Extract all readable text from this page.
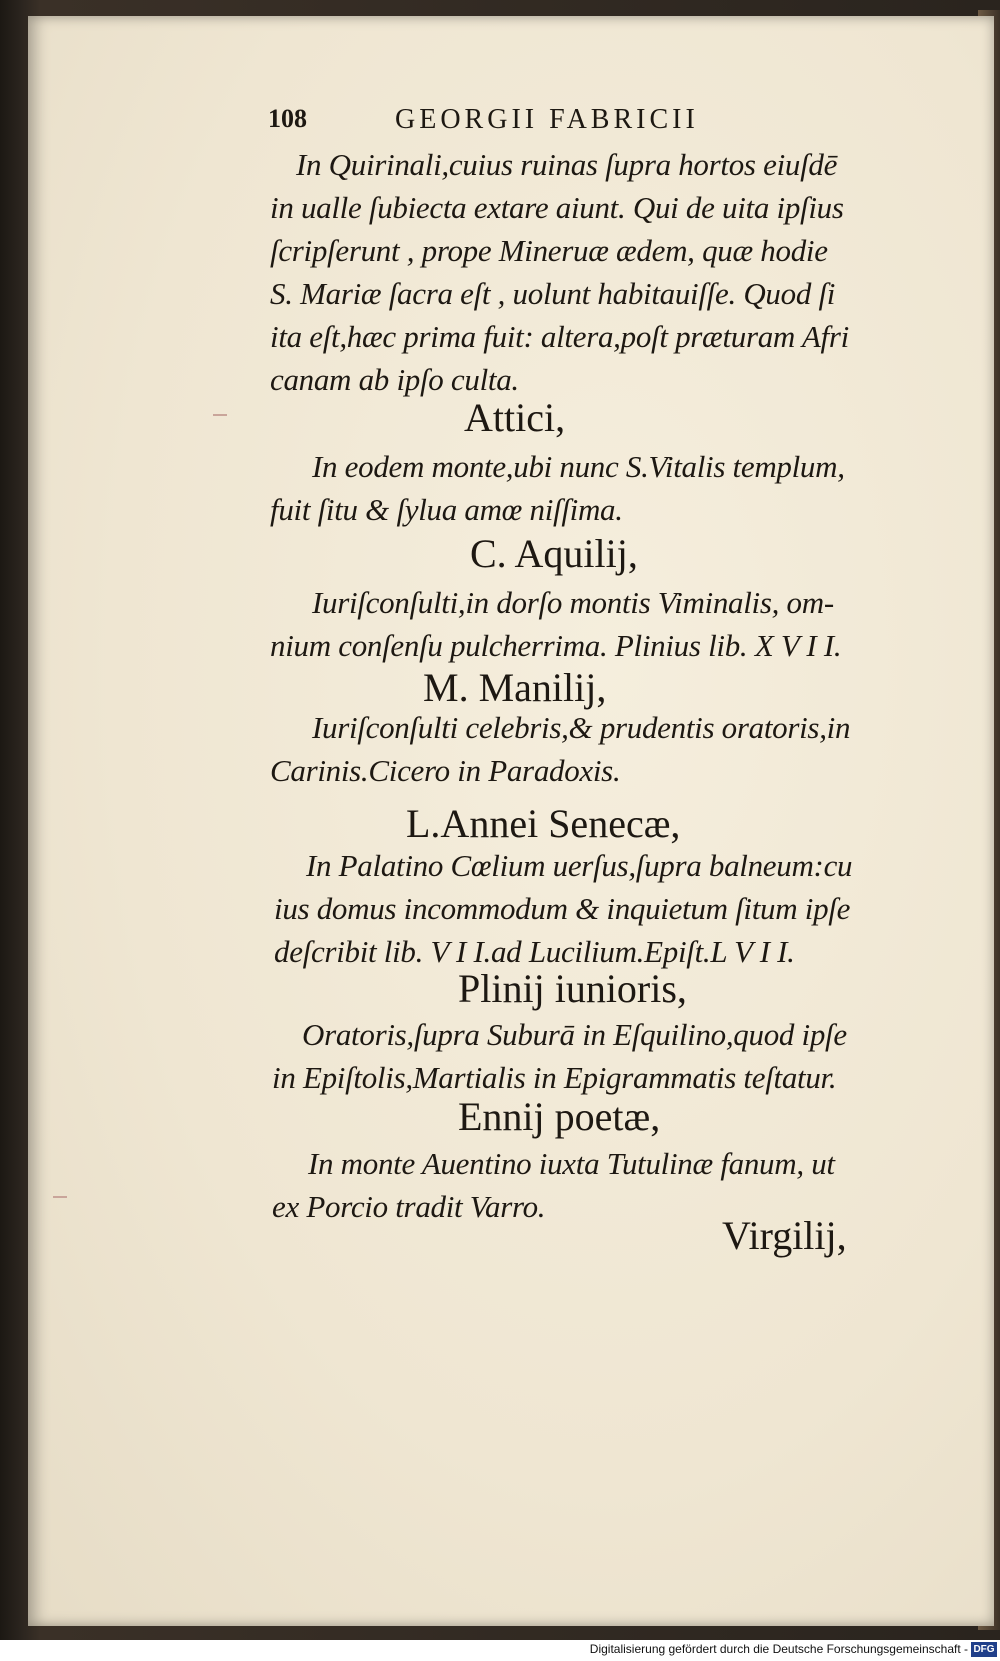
108	GEORGII FABRICII
In Quirinali,cuius ruinas ſupra hortos eiuſdē
in ualle ſubiecta extare aiunt. Qui de uita ipſius
ſcripſerunt , prope Mineruæ ædem, quæ hodie
S. Mariæ ſacra eſt , uolunt habitauiſſe. Quod ſi
ita eſt,hæc prima fuit: altera,poſt præturam Afri
canam ab ipſo culta.
Attici,
In eodem monte,ubi nunc S.Vitalis templum,
fuit ſitu & ſylua amœ niſſima.
C. Aquilij,
Iuriſconſulti,in dorſo montis Viminalis, om-
nium conſenſu pulcherrima. Plinius lib. X V I I.
M. Manilij,
Iuriſconſulti celebris,& prudentis oratoris,in
Carinis.Cicero in Paradoxis.
L.Annei Senecæ,
In Palatino Cœlium uerſus,ſupra balneum:cu
ius domus incommodum & inquietum ſitum ipſe
deſcribit lib. V I I.ad Lucilium.Epiſt.L V I I.
Plinij iunioris,
Oratoris,ſupra Suburā in Eſquilino,quod ipſe
in Epiſtolis,Martialis in Epigrammatis teſtatur.
Ennij poetæ,
In monte Auentino iuxta Tutulinæ fanum, ut
ex Porcio tradit Varro.
Virgilij,
Digitalisierung gefördert durch die Deutsche Forschungsgemeinschaft - DFG
